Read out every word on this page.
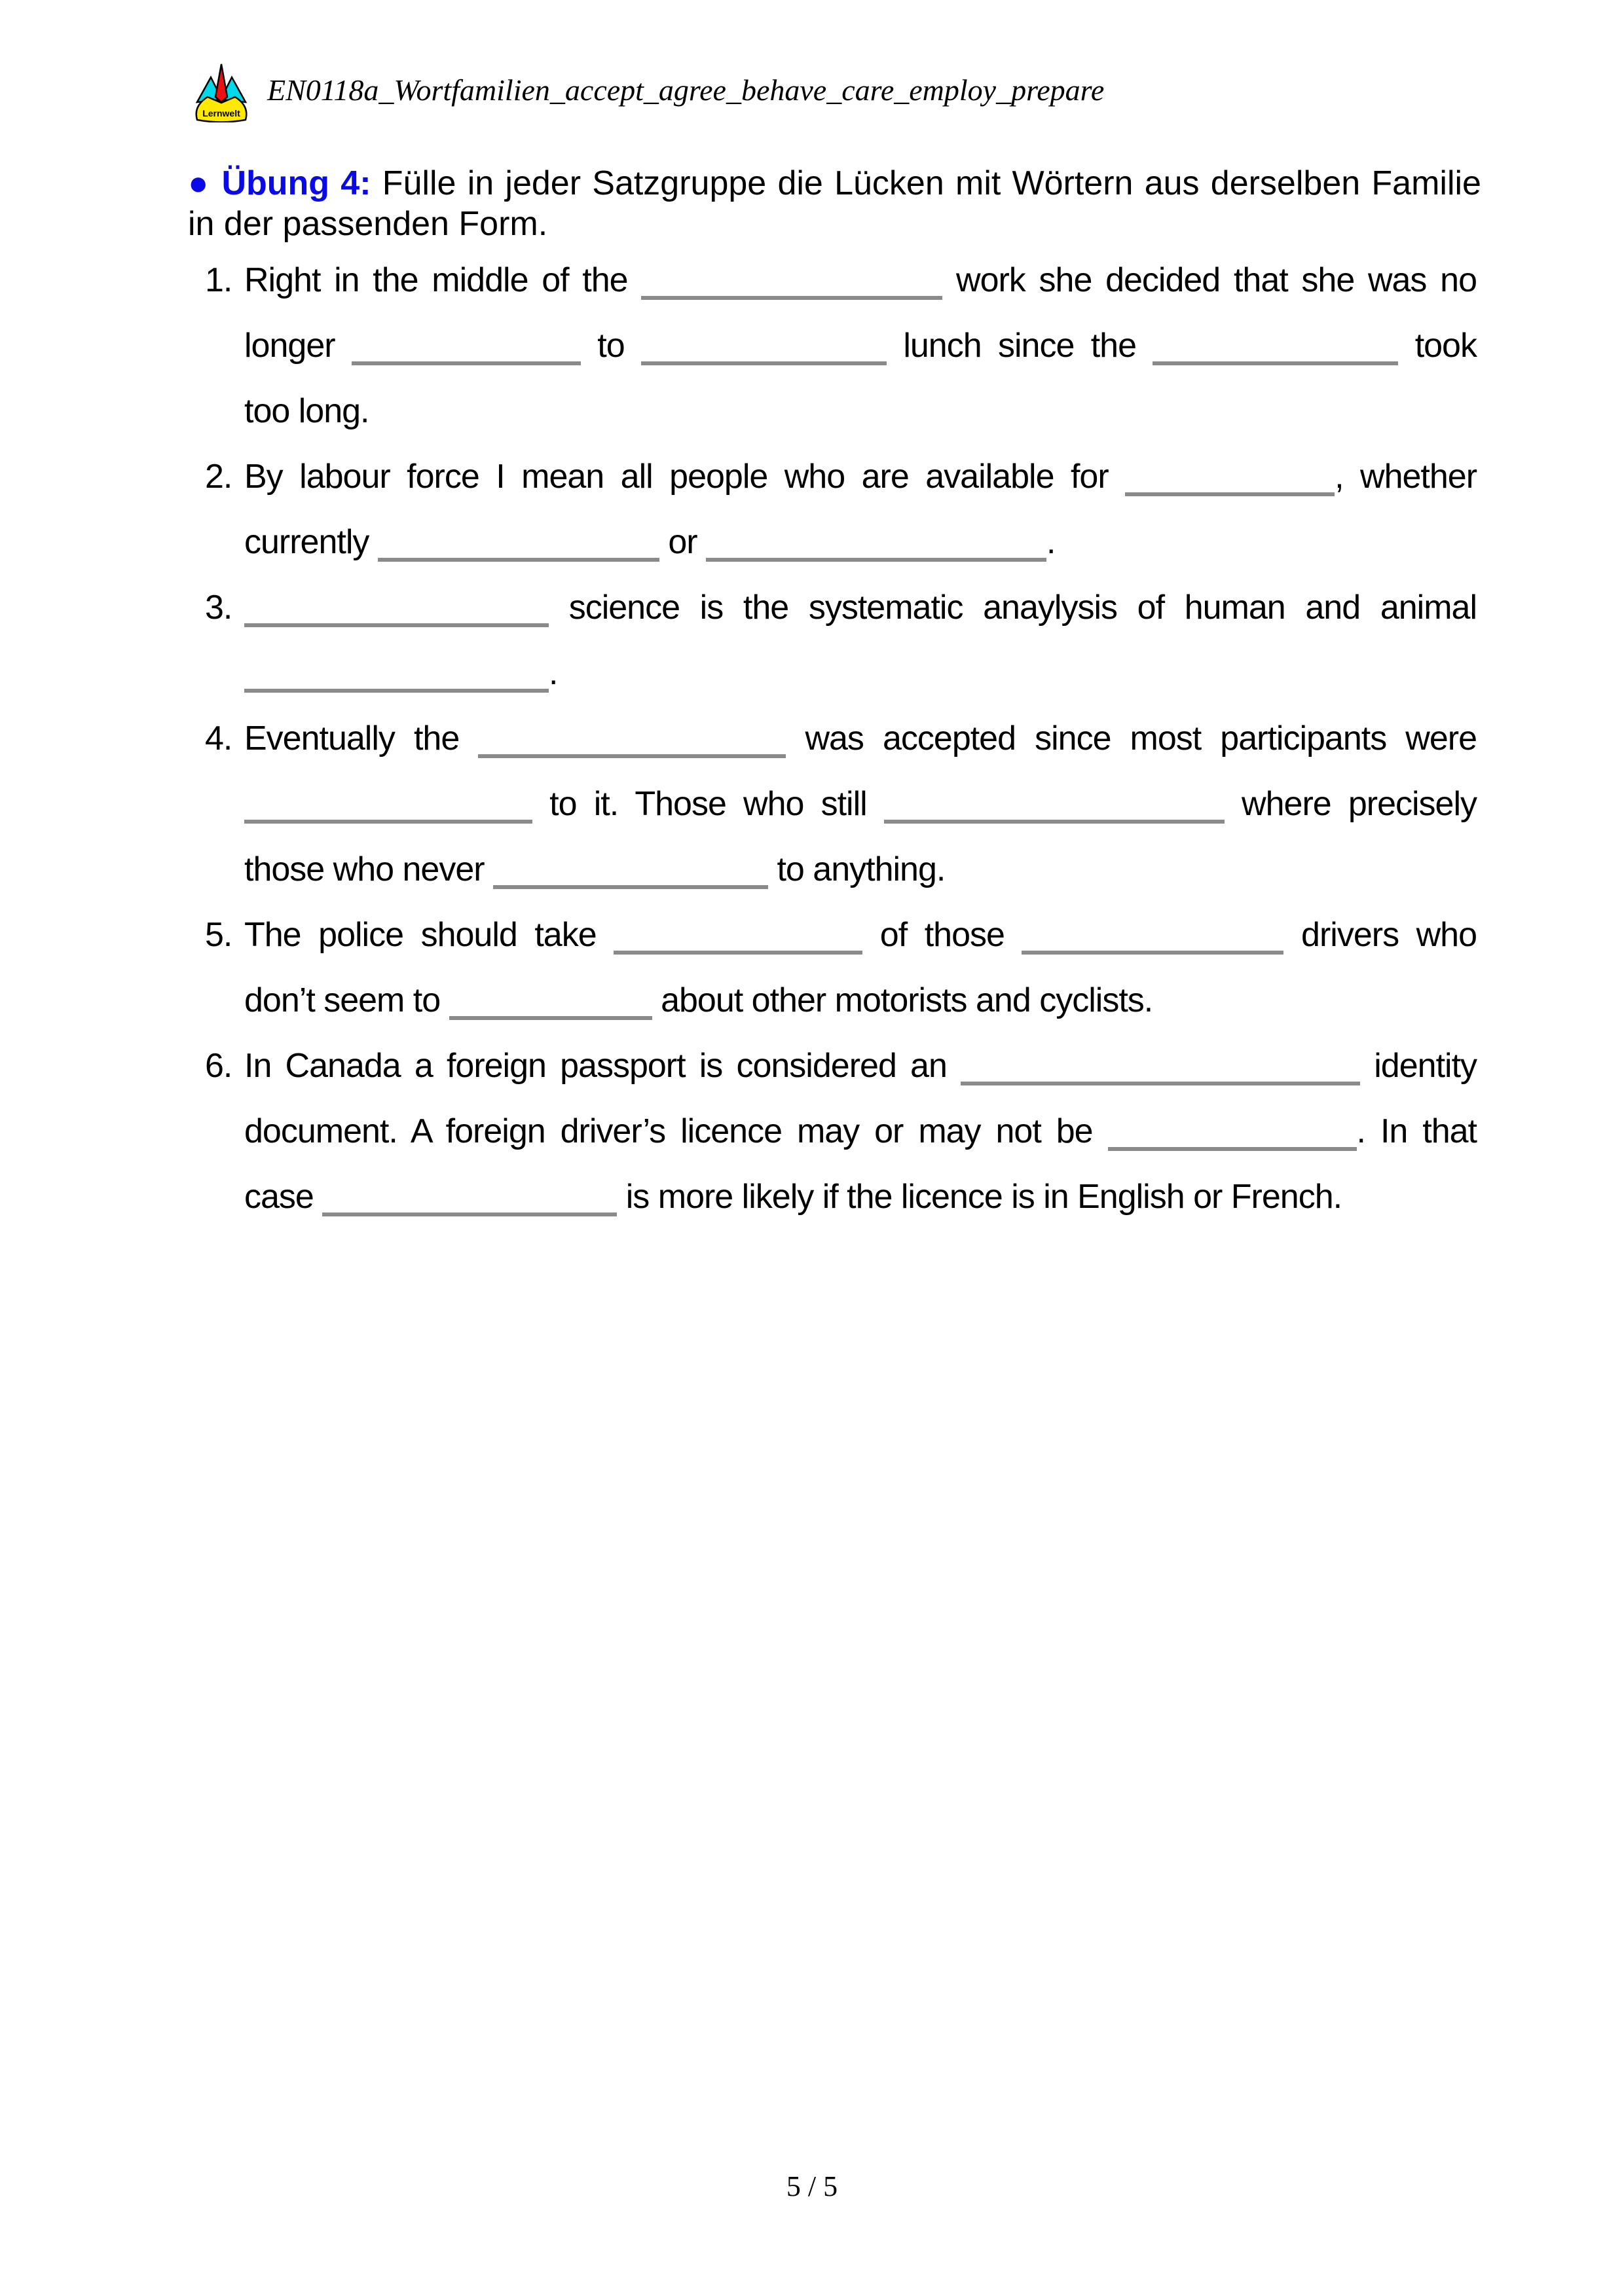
Lernwelt
EN0118a_Wortfamilien_accept_agree_behave_care_employ_prepare
● Übung 4: Fülle in jeder Satzgruppe die Lücken mit Wörtern aus derselben Familie in der passenden Form.
1. Right in the middle of the	work she decided that she was no
longer	to	lunch since the	took
too long.
2. By labour force I mean all people who are available for	, whether
currently	or	.
3.	science is the systematic anaylysis of human and animal
.
4. Eventually the	was accepted since most participants were
to it. Those who still	where precisely
those who never	to anything.
5. The police should take	of those	drivers who
don’t seem to	about other motorists and cyclists.
6. In Canada a foreign passport is considered an	identity
document. A foreign driver’s licence may or may not be	. In that
case	is more likely if the licence is in English or French.
5 / 5
